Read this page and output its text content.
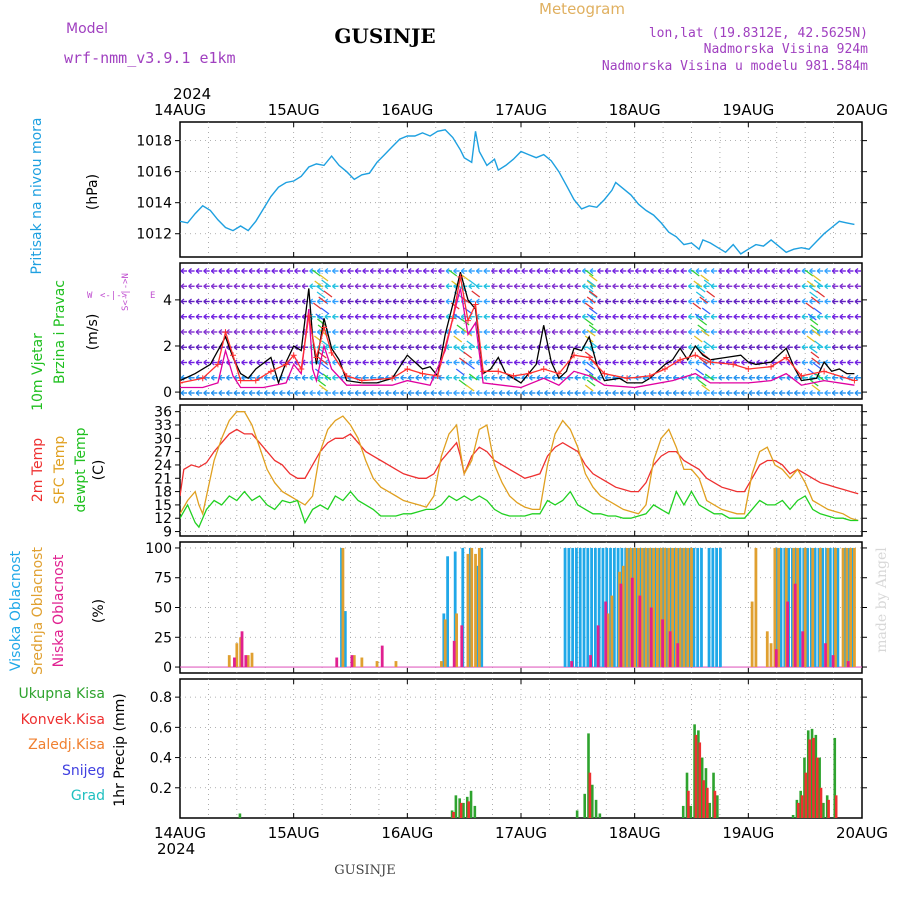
Model
wrf-nmm_v3.9.1 e1km
GUSINJE
Meteogram
lon,lat (19.8312E, 42.5625N)
Nadmorska Visina 924m
Nadmorska Visina u modelu 981.584m
2024
14AUG	15AUG	16AUG	17AUG	18AUG	19AUG	20AUG
1012
1014
1016
1018
0
2
4
9
12
15
18
21
24
27
30
33
36
0
25
50
75
100
0.2
0.4
0.6
0.8
Pritisak na nivou mora	(hPa)
10m Vjetar Brzina i Pravac (m/s)
S<-|->N
W <-|->	E
2m Temp SFC Temp dewpt Temp (C)
Visoka Oblacnost Srednja Oblacnost Niska Oblacnost (%)
Ukupna Kisa
Konvek.Kisa
Zaledj.Kisa
Snijeg
Grad 1hr Precip (mm)
14AUG	15AUG	16AUG	17AUG	18AUG	19AUG	20AUG
2024
GUSINJE
made by Angel
